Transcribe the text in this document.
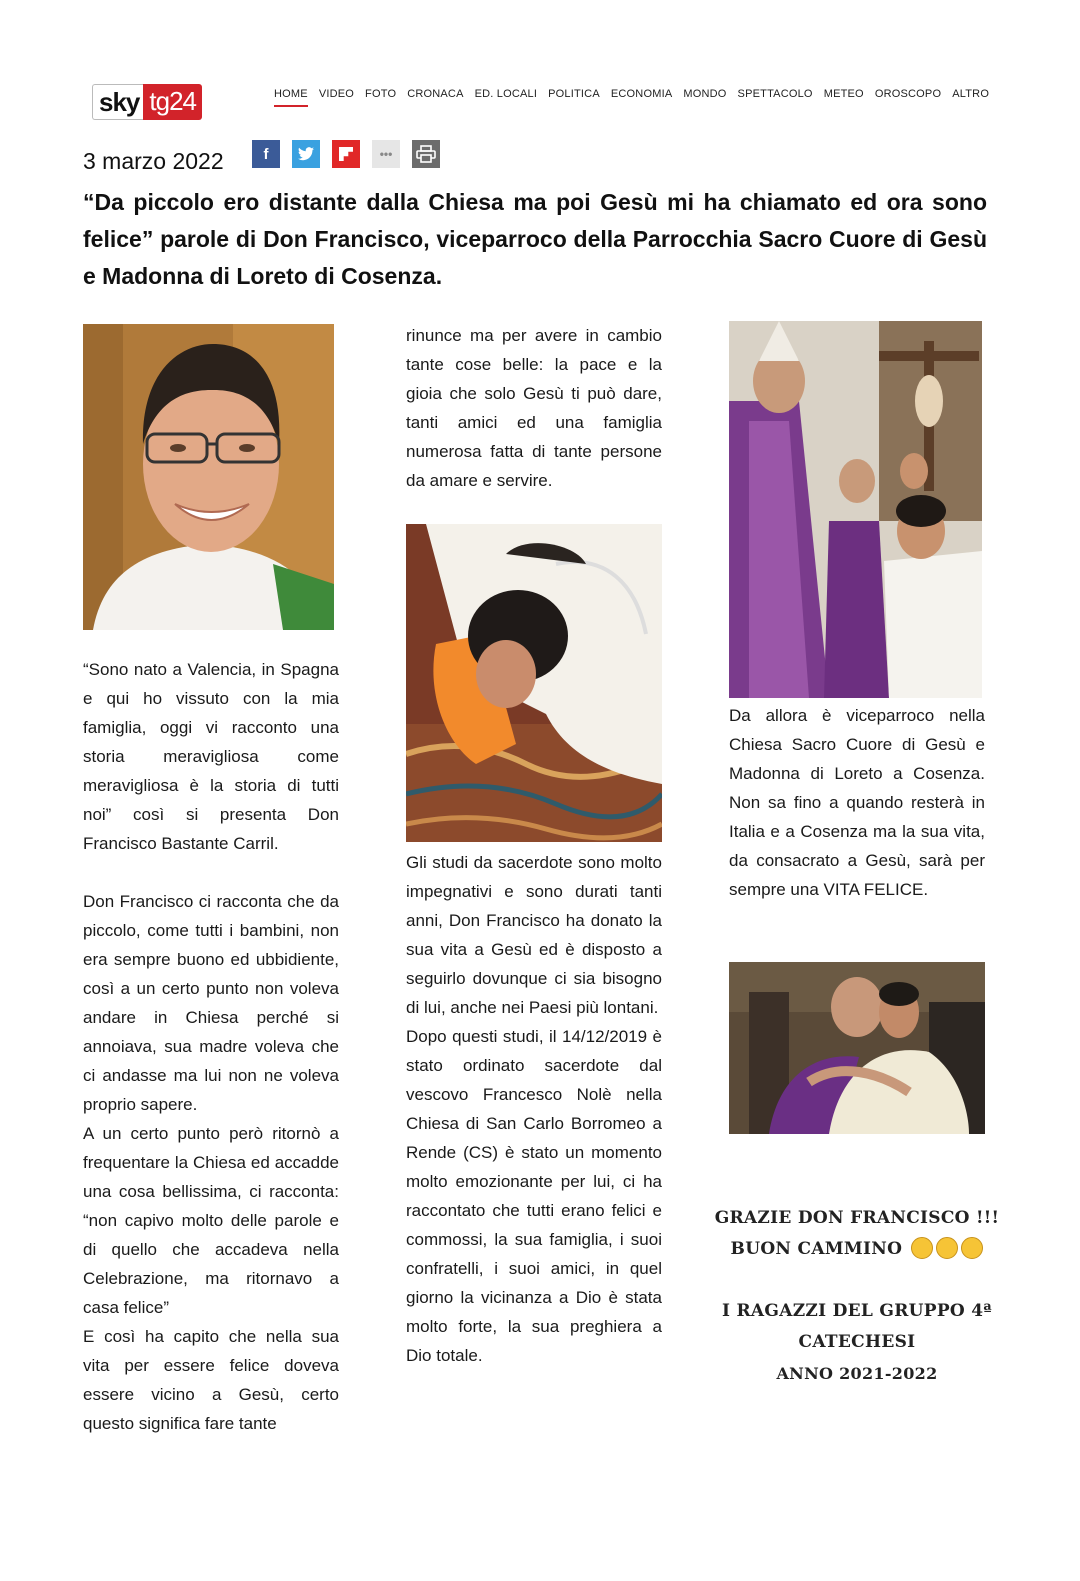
sky tg24	HOME VIDEO FOTO CRONACA ED. LOCALI POLITICA ECONOMIA MONDO SPETTACOLO METEO OROSCOPO ALTRO
3 marzo 2022	f	•••
“Da piccolo ero distante dalla Chiesa ma poi Gesù mi ha chiamato ed ora sono felice” parole di Don Francisco, viceparroco della Parrocchia Sacro Cuore di Gesù e Madonna di Loreto di Cosenza.

“Sono nato a Valencia, in Spagna e qui ho vissuto con la mia famiglia, oggi vi racconto una storia meravigliosa come meravigliosa è la storia di tutti noi” così si presenta Don Francisco Bastante Carril.

Don Francisco ci racconta che da piccolo, come tutti i bambini, non era sempre buono ed ubbidiente, così a un certo punto non voleva andare in Chiesa perché si annoiava, sua madre voleva che ci andasse ma lui non ne voleva proprio sapere.

A un certo punto però ritornò a frequentare la Chiesa ed accadde una cosa bellissima, ci racconta: “non capivo molto delle parole e di quello che accadeva nella Celebrazione, ma ritornavo a casa felice”

E così ha capito che nella sua vita per essere felice doveva essere vicino a Gesù, certo questo significa fare tante

rinunce ma per avere in cambio tante cose belle: la pace e la gioia che solo Gesù ti può dare, tanti amici ed una famiglia numerosa fatta di tante persone da amare e servire.

Gli studi da sacerdote sono molto impegnativi e sono durati tanti anni, Don Francisco ha donato la sua vita a Gesù ed è disposto a seguirlo dovunque ci sia bisogno di lui, anche nei Paesi più lontani.

Dopo questi studi, il 14/12/2019 è stato ordinato sacerdote dal vescovo Francesco Nolè nella Chiesa di San Carlo Borromeo a Rende (CS) è stato un momento molto emozionante per lui, ci ha raccontato che tutti erano felici e commossi, la sua famiglia, i suoi confratelli, i suoi amici, in quel giorno la vicinanza a Dio è stata molto forte, la sua preghiera a Dio totale.

Da allora è viceparroco nella Chiesa Sacro Cuore di Gesù e Madonna di Loreto a Cosenza. Non sa fino a quando resterà in Italia e a Cosenza ma la sua vita, da consacrato a Gesù, sarà per sempre una VITA FELICE.

GRAZIE DON FRANCISCO !!!
BUON CAMMINO
I RAGAZZI DEL GRUPPO 4ª
CATECHESI
ANNO 2021-2022
